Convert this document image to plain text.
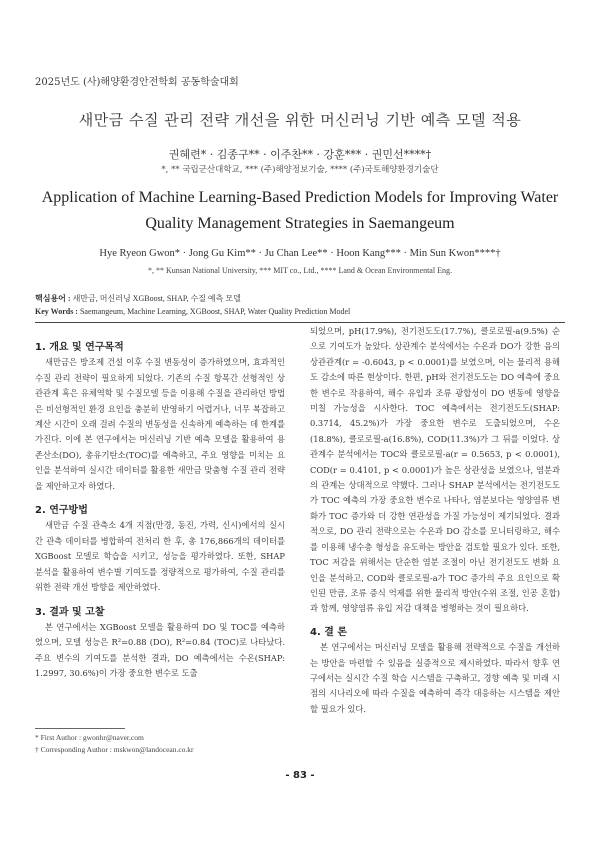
2025년도 (사)해양환경안전학회 공동학술대회
새만금 수질 관리 전략 개선을 위한 머신러닝 기반 예측 모델 적용
권혜련* · 김종구** · 이주찬** · 강훈*** · 권민선****†
*, ** 국립군산대학교, *** (주)해양정보기술, **** (주)국토해양환경기술단
Application of Machine Learning-Based Prediction Models for Improving Water Quality Management Strategies in Saemangeum
Hye Ryeon Gwon* · Jong Gu Kim** · Ju Chan Lee** · Hoon Kang*** · Min Sun Kwon****†
*, ** Kunsan National University, *** MIT co., Ltd., **** Land & Ocean Environmental Eng.
핵심용어 : 새만금, 머신러닝 XGBoost, SHAP, 수질 예측 모델
Key Words : Saemangeum, Machine Learning, XGBoost, SHAP, Water Quality Prediction Model
1. 개요 및 연구목적

새만금은 방조제 건설 이후 수질 변동성이 증가하였으며, 효과적인 수질 관리 전략이 필요하게 되었다. 기존의 수질 항목간 선형적인 상관관계 혹은 유체역학 및 수질모델 등을 이용해 수질을 관리하던 방법은 비선형적인 환경 요인을 충분히 반영하기 어렵거나, 너무 복잡하고 계산 시간이 오래 걸려 수질의 변동성을 신속하게 예측하는 데 한계를 가진다. 이에 본 연구에서는 머신러닝 기반 예측 모델을 활용하여 용존산소(DO), 총유기탄소(TOC)를 예측하고, 주요 영향을 미치는 요인을 분석하여 실시간 데이터를 활용한 새만금 맞춤형 수질 관리 전략을 제안하고자 하였다.

2. 연구방법

새만금 수질 관측소 4개 지점(만경, 동진, 가력, 신시)에서의 실시간 관측 데이터를 병합하여 전처리 한 후, 총 176,866개의 데이터를 XGBoost 모델로 학습을 시키고, 성능을 평가하였다. 또한, SHAP 분석을 활용하여 변수별 기여도를 정량적으로 평가하여, 수질 관리를 위한 전략 개선 방향을 제안하였다.

3. 결과 및 고찰

본 연구에서는 XGBoost 모델을 활용하여 DO 및 TOC를 예측하였으며, 모델 성능은 R²=0.88 (DO), R²=0.84 (TOC)로 나타났다. 주요 변수의 기여도를 분석한 결과, DO 예측에서는 수온(SHAP: 1.2997, 30.6%)이 가장 중요한 변수로 도출

* First Author : gwonhr@naver.com
† Corresponding Author : mskwon@landocean.co.kr

되었으며, pH(17.9%), 전기전도도(17.7%), 클로로필-a(9.5%) 순으로 기여도가 높았다. 상관계수 분석에서는 수온과 DO가 강한 음의 상관관계(r = -0.6043, p < 0.0001)를 보였으며, 이는 물리적 용해도 감소에 따른 현상이다. 한편, pH와 전기전도도는 DO 예측에 중요한 변수로 작용하여, 해수 유입과 조류 광합성이 DO 변동에 영향을 미칠 가능성을 시사한다. TOC 예측에서는 전기전도도(SHAP: 0.3714, 45.2%)가 가장 중요한 변수로 도출되었으며, 수온(18.8%), 클로로필-a(16.8%), COD(11.3%)가 그 뒤를 이었다. 상관계수 분석에서는 TOC와 클로로필-a(r = 0.5653, p < 0.0001), COD(r = 0.4101, p < 0.0001)가 높은 상관성을 보였으나, 염분과의 관계는 상대적으로 약했다. 그러나 SHAP 분석에서는 전기전도도가 TOC 예측의 가장 중요한 변수로 나타나, 염분보다는 영양염류 변화가 TOC 증가와 더 강한 연관성을 가질 가능성이 제기되었다. 결과적으로, DO 관리 전략으로는 수온과 DO 감소를 모니터링하고, 해수를 이용해 냉수층 형성을 유도하는 방안을 검토할 필요가 있다. 또한, TOC 저감을 위해서는 단순한 염분 조절이 아닌 전기전도도 변화 요인을 분석하고, COD와 클로로필-a가 TOC 증가의 주요 요인으로 확인된 만큼, 조류 증식 억제를 위한 물리적 방안(수위 조절, 인공 혼합)과 함께, 영양염류 유입 저감 대책을 병행하는 것이 필요하다.

4. 결 론

본 연구에서는 머신러닝 모델을 활용해 전략적으로 수질을 개선하는 방안을 마련할 수 있음을 실증적으로 제시하였다. 따라서 향후 연구에서는 실시간 수질 학습 시스템을 구축하고, 경향 예측 및 미래 시점의 시나리오에 따라 수질을 예측하여 즉각 대응하는 시스템을 제안할 필요가 있다.

- 83 -
